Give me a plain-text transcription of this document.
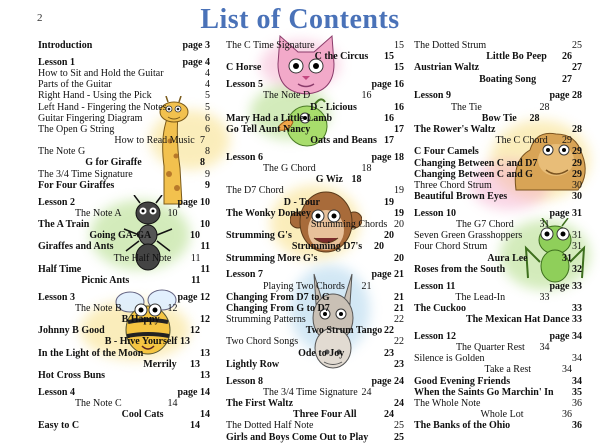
2	List of Contents
Introduction	page 3
Lesson 1	page 4
How to Sit and Hold the Guitar	4
Parts of the Guitar	4
Right Hand - Using the Pick	5
Left Hand - Fingering the Notes	5
Guitar Fingering Diagram	6
The Open G String	6
How to Read Music 7
The Note G	8
G for Giraffe	8
The 3/4 Time Signature	9
For Four Giraffes	9
Lesson 2	page 10
The Note A	10
The A Train	10
Going GA-GA	10
Giraffes and Ants	11
The Half Note 11
Half Time	11
Picnic Ants	11
Lesson 3	page 12
The Note B	12
B Happy	12
Johnny B Good	12
B - Hive Yourself 13
In the Light of the Moon	13
Merrily 13
Hot Cross Buns	13
Lesson 4	page 14
The Note C	14
Cool Cats	14
Easy to C	14
The C Time Signature	15
C the Circus 15
C Horse	15
Lesson 5	page 16
The Note D	16
D - Licious	16
Mary Had a Little Lamb	16
Go Tell Aunt Nancy	17
Oats and Beans 17
Lesson 6	page 18
The G Chord	18
G Wiz 18
The D7 Chord	19
D - Tour	19
The Wonky Donkey	19
Strumming Chords 20
Strumming G's	20
Strumming D7's 20
Strumming More G's	20
Lesson 7	page 21
Playing Two Chords 21
Changing From D7 to G	21
Changing From G to D7	21
Strumming Patterns	22
Two Strum Tango 22
Two Chord Songs	22
Ode to Joy	23
Lightly Row	23
Lesson 8	page 24
The 3/4 Time Signature 24
The First Waltz	24
Three Four All	24
The Dotted Half Note	25
Girls and Boys Come Out to Play	25
The Dotted Strum	25
Little Bo Peep 26
Austrian Waltz	27
Boating Song	27
Lesson 9	page 28
The Tie	28
Bow Tie 28
The Rower's Waltz	28
The C Chord 29
C Four Camels	29
Changing Between C and D7	29
Changing Between C and G	29
Three Chord Strum	30
Beautiful Brown Eyes	30
Lesson 10	page 31
The G7 Chord	31
Seven Green Grasshoppers	31
Four Chord Strum	31
Aura Lee	31
Roses from the South	32
Lesson 11	page 33
The Lead-In	33
The Cuckoo	33
The Mexican Hat Dance 33
Lesson 12	page 34
The Quarter Rest 34
Silence is Golden	34
Take a Rest	34
Good Evening Friends	34
When the Saints Go Marchin' In 35
The Whole Note	36
Whole Lot	36
The Banks of the Ohio	36
